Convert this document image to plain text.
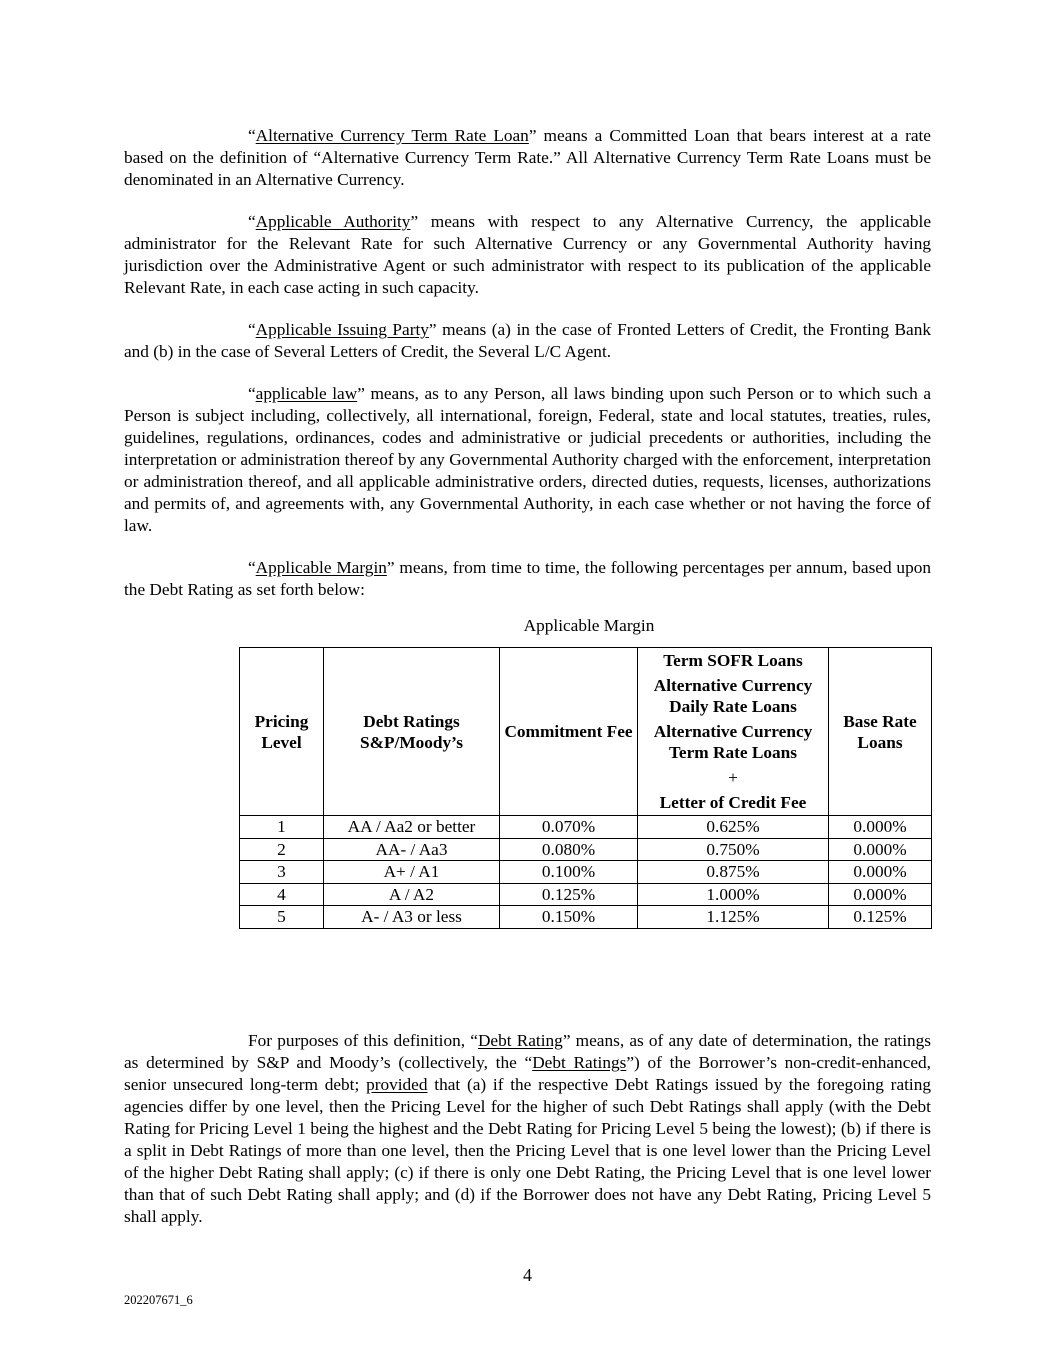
“Alternative Currency Term Rate Loan” means a Committed Loan that bears interest at a rate based on the definition of “Alternative Currency Term Rate.” All Alternative Currency Term Rate Loans must be denominated in an Alternative Currency.

“Applicable Authority” means with respect to any Alternative Currency, the applicable administrator for the Relevant Rate for such Alternative Currency or any Governmental Authority having jurisdiction over the Administrative Agent or such administrator with respect to its publication of the applicable Relevant Rate, in each case acting in such capacity.

“Applicable Issuing Party” means (a) in the case of Fronted Letters of Credit, the Fronting Bank and (b) in the case of Several Letters of Credit, the Several L/C Agent.

“applicable law” means, as to any Person, all laws binding upon such Person or to which such a Person is subject including, collectively, all international, foreign, Federal, state and local statutes, treaties, rules, guidelines, regulations, ordinances, codes and administrative or judicial precedents or authorities, including the interpretation or administration thereof by any Governmental Authority charged with the enforcement, interpretation or administration thereof, and all applicable administrative orders, directed duties, requests, licenses, authorizations and permits of, and agreements with, any Governmental Authority, in each case whether or not having the force of law.

“Applicable Margin” means, from time to time, the following percentages per annum, based upon the Debt Rating as set forth below:

Applicable Margin
Pricing Level	Debt Ratings S&P/Moody’s	Commitment Fee	Term SOFR Loans
Alternative Currency Daily Rate Loans
Alternative Currency Term Rate Loans
+
Letter of Credit Fee	Base Rate Loans
1	AA / Aa2 or better	0.070%	0.625%	0.000%
2	AA- / Aa3	0.080%	0.750%	0.000%
3	A+ / A1	0.100%	0.875%	0.000%
4	A / A2	0.125%	1.000%	0.000%
5	A- / A3 or less	0.150%	1.125%	0.125%

For purposes of this definition, “Debt Rating” means, as of any date of determination, the ratings as determined by S&P and Moody’s (collectively, the “Debt Ratings”) of the Borrower’s non-credit-enhanced, senior unsecured long-term debt; provided that (a) if the respective Debt Ratings issued by the foregoing rating agencies differ by one level, then the Pricing Level for the higher of such Debt Ratings shall apply (with the Debt Rating for Pricing Level 1 being the highest and the Debt Rating for Pricing Level 5 being the lowest); (b) if there is a split in Debt Ratings of more than one level, then the Pricing Level that is one level lower than the Pricing Level of the higher Debt Rating shall apply; (c) if there is only one Debt Rating, the Pricing Level that is one level lower than that of such Debt Rating shall apply; and (d) if the Borrower does not have any Debt Rating, Pricing Level 5 shall apply.

4
202207671_6
